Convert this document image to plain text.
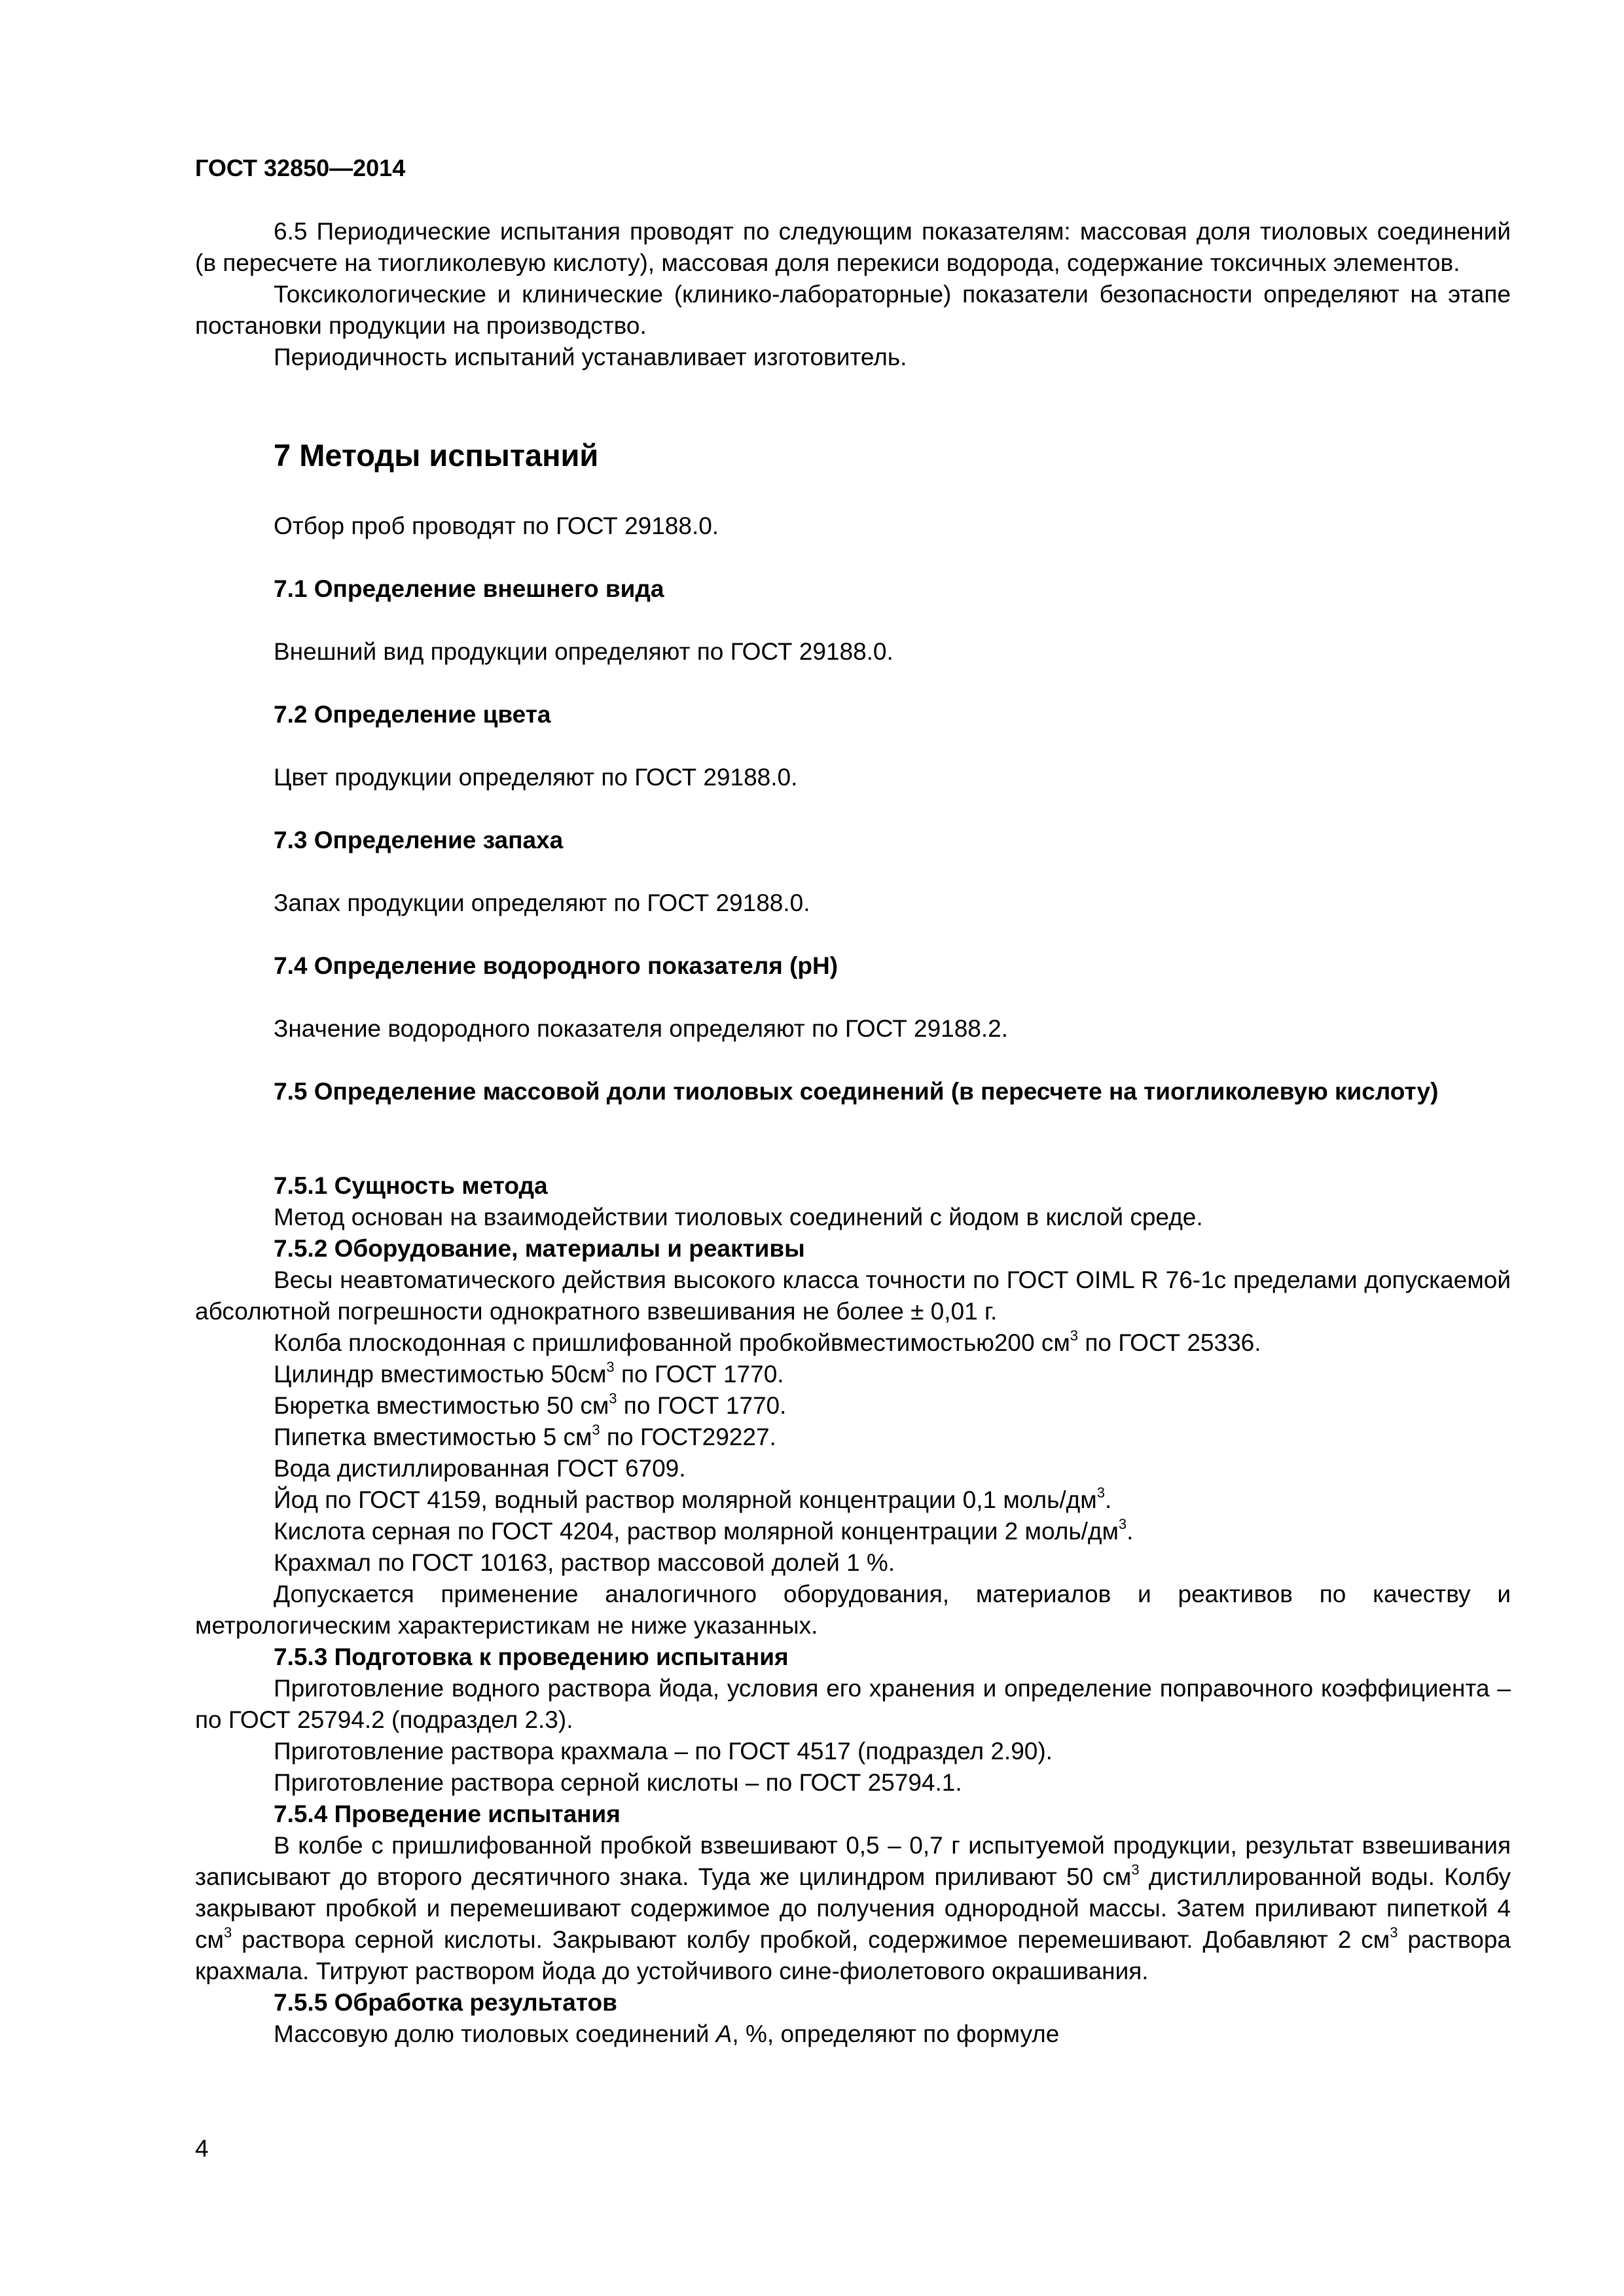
ГОСТ 32850—2014

6.5 Периодические испытания проводят по следующим показателям: массовая доля тиоловых соединений (в пересчете на тиогликолевую кислоту), массовая доля перекиси водорода, содержание токсичных элементов.

Токсикологические и клинические (клинико-лабораторные) показатели безопасности определяют на этапе постановки продукции на производство.

Периодичность испытаний устанавливает изготовитель.

7 Методы испытаний

Отбор проб проводят по ГОСТ 29188.0.

7.1 Определение внешнего вида

Внешний вид продукции определяют по ГОСТ 29188.0.

7.2 Определение цвета

Цвет продукции определяют по ГОСТ 29188.0.

7.3 Определение запаха

Запах продукции определяют по ГОСТ 29188.0.

7.4 Определение водородного показателя (pH)

Значение водородного показателя определяют по ГОСТ 29188.2.

7.5 Определение массовой доли тиоловых соединений (в пересчете на тиогликолевую кислоту)

7.5.1 Сущность метода

Метод основан на взаимодействии тиоловых соединений с йодом в кислой среде.

7.5.2 Оборудование, материалы и реактивы

Весы неавтоматического действия высокого класса точности по ГОСТ OIML R 76-1с пределами допускаемой абсолютной погрешности однократного взвешивания не более ± 0,01 г.

Колба плоскодонная с пришлифованной пробкойвместимостью200 $см^3$ по ГОСТ 25336.

Цилиндр вместимостью $50см^3$ по ГОСТ 1770.

Бюретка вместимостью 50 $см^3$ по ГОСТ 1770.

Пипетка вместимостью 5 $см^3$ по ГОСТ29227.

Вода дистиллированная ГОСТ 6709.

Йод по ГОСТ 4159, водный раствор молярной концентрации 0,1 моль/$дм^3$.

Кислота серная по ГОСТ 4204, раствор молярной концентрации 2 моль/$дм^3$.

Крахмал по ГОСТ 10163, раствор массовой долей 1 %.

Допускается применение аналогичного оборудования, материалов и реактивов по качеству и метрологическим характеристикам не ниже указанных.

7.5.3 Подготовка к проведению испытания

Приготовление водного раствора йода, условия его хранения и определение поправочного коэффициента – по ГОСТ 25794.2 (подраздел 2.3).

Приготовление раствора крахмала – по ГОСТ 4517 (подраздел 2.90).

Приготовление раствора серной кислоты – по ГОСТ 25794.1.

7.5.4 Проведение испытания

В колбе с пришлифованной пробкой взвешивают 0,5 – 0,7 г испытуемой продукции, результат взвешивания записывают до второго десятичного знака. Туда же цилиндром приливают 50 $см^3$ дистиллированной воды. Колбу закрывают пробкой и перемешивают содержимое до получения однородной массы. Затем приливают пипеткой 4 $см^3$ раствора серной кислоты. Закрывают колбу пробкой, содержимое перемешивают. Добавляют 2 $см^3$ раствора крахмала. Титруют раствором йода до устойчивого сине-фиолетового окрашивания.

7.5.5 Обработка результатов

Массовую долю тиоловых соединений А, %, определяют по формуле

4
